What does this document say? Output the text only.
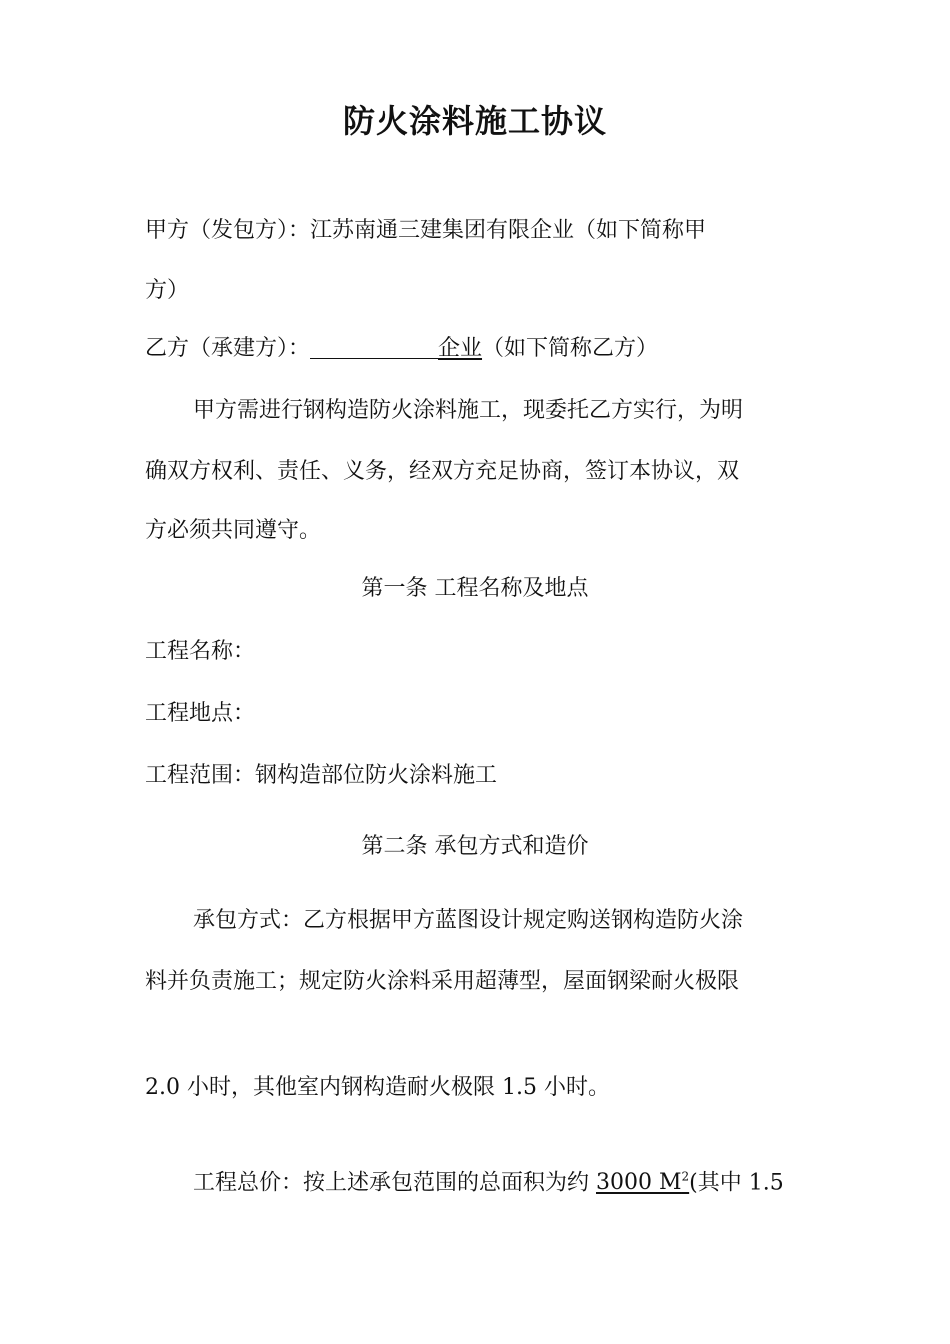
防火涂料施工协议
甲方（发包方）：江苏南通三建集团有限企业（如下简称甲
方）
乙方（承建方）：	企业（如下简称乙方）
甲方需进行钢构造防火涂料施工，现委托乙方实行，为明
确双方权利、责任、义务，经双方充足协商，签订本协议，双
方必须共同遵守。
第一条 工程名称及地点
工程名称：
工程地点：
工程范围：钢构造部位防火涂料施工
第二条 承包方式和造价
承包方式：乙方根据甲方蓝图设计规定购送钢构造防火涂
料并负责施工；规定防火涂料采用超薄型，屋面钢梁耐火极限
2.0 小时，其他室内钢构造耐火极限 1.5 小时。
工程总价：按上述承包范围的总面积为约 3000 $M^2$(其中 1.5
